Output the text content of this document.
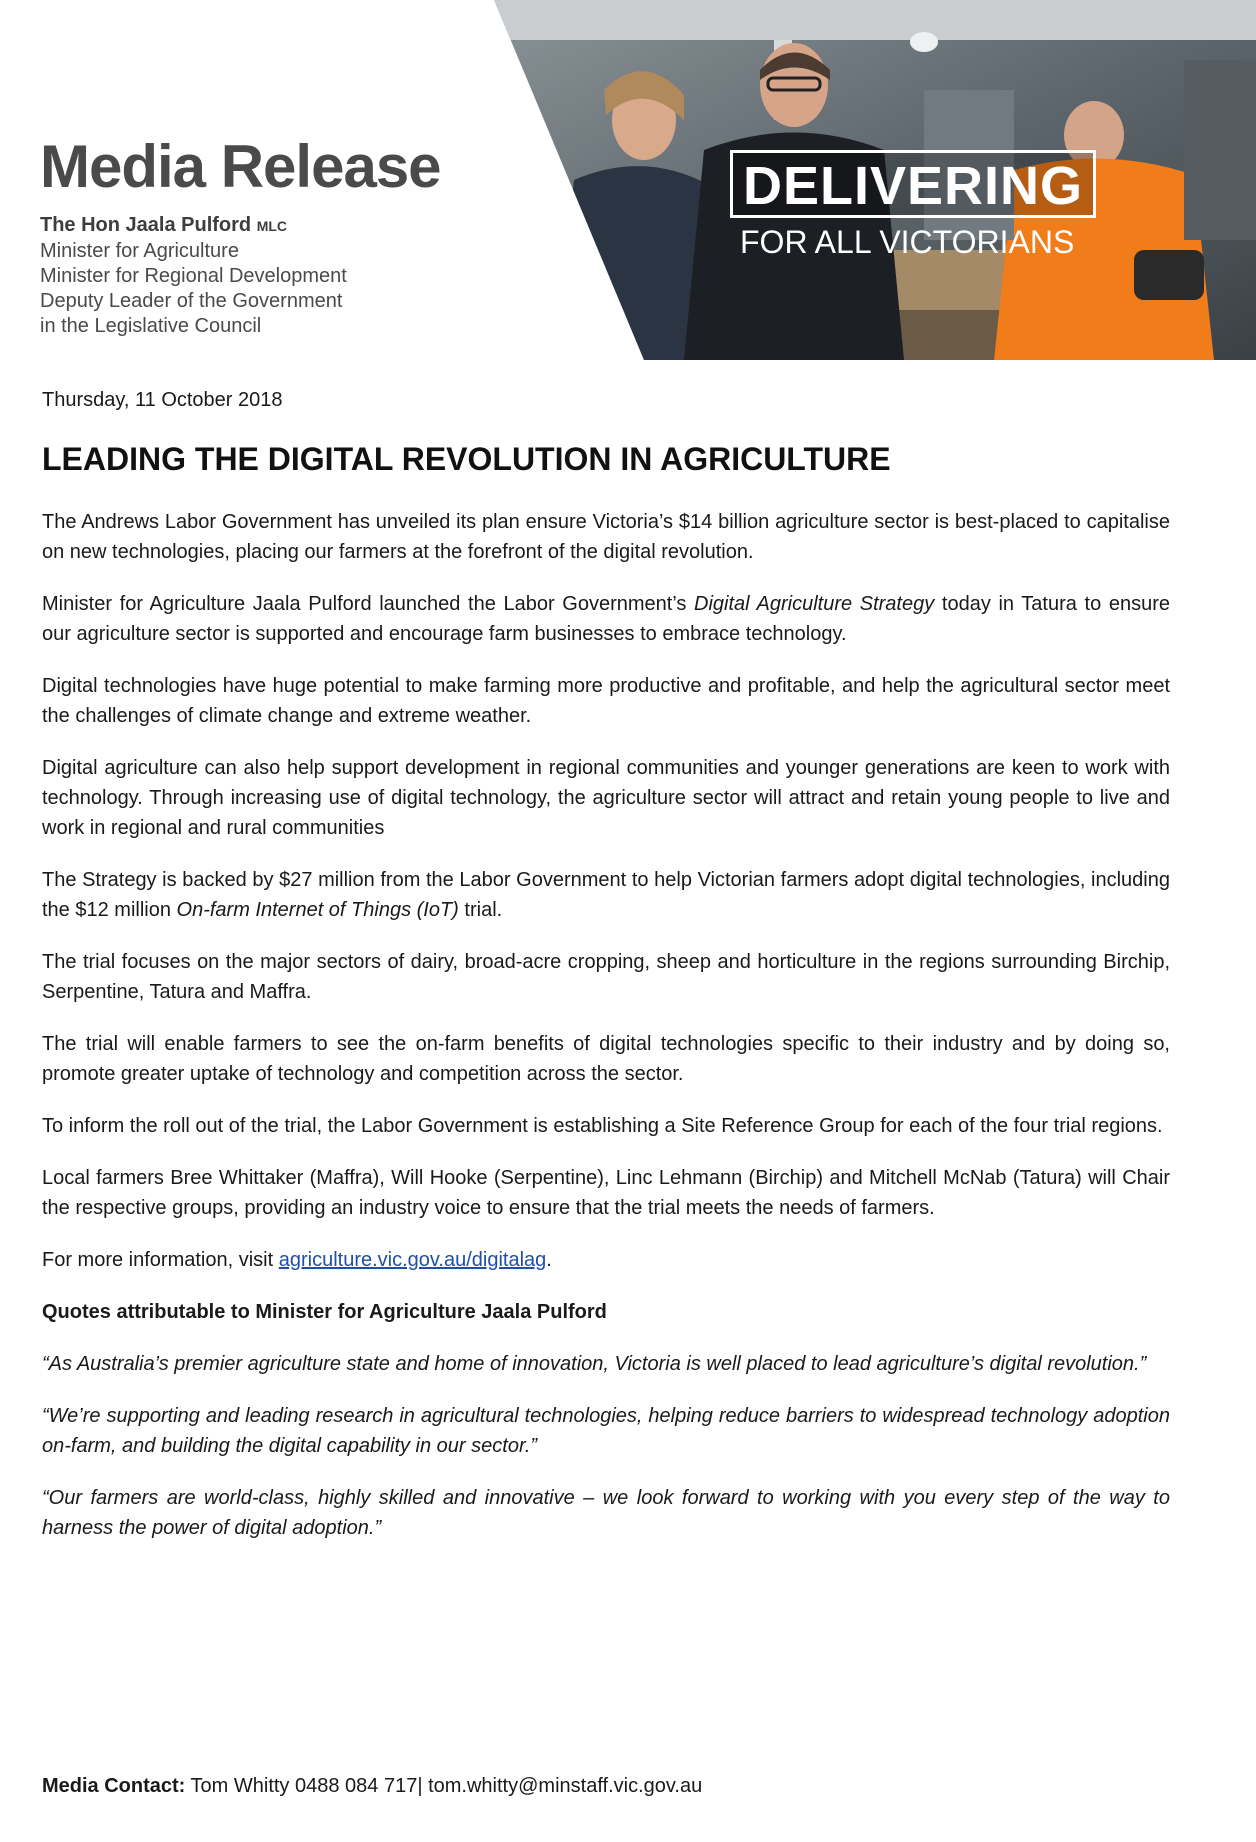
Media Release
The Hon Jaala Pulford MLC
Minister for Agriculture
Minister for Regional Development
Deputy Leader of the Government
in the Legislative Council
DELIVERING
FOR ALL VICTORIANS

Thursday, 11 October 2018

LEADING THE DIGITAL REVOLUTION IN AGRICULTURE

The Andrews Labor Government has unveiled its plan ensure Victoria’s $14 billion agriculture sector is best-placed to capitalise on new technologies, placing our farmers at the forefront of the digital revolution.

Minister for Agriculture Jaala Pulford launched the Labor Government’s Digital Agriculture Strategy today in Tatura to ensure our agriculture sector is supported and encourage farm businesses to embrace technology.

Digital technologies have huge potential to make farming more productive and profitable, and help the agricultural sector meet the challenges of climate change and extreme weather.

Digital agriculture can also help support development in regional communities and younger generations are keen to work with technology. Through increasing use of digital technology, the agriculture sector will attract and retain young people to live and work in regional and rural communities

The Strategy is backed by $27 million from the Labor Government to help Victorian farmers adopt digital technologies, including the $12 million On-farm Internet of Things (IoT) trial.

The trial focuses on the major sectors of dairy, broad-acre cropping, sheep and horticulture in the regions surrounding Birchip, Serpentine, Tatura and Maffra.

The trial will enable farmers to see the on-farm benefits of digital technologies specific to their industry and by doing so, promote greater uptake of technology and competition across the sector.

To inform the roll out of the trial, the Labor Government is establishing a Site Reference Group for each of the four trial regions.

Local farmers Bree Whittaker (Maffra), Will Hooke (Serpentine), Linc Lehmann (Birchip) and Mitchell McNab (Tatura) will Chair the respective groups, providing an industry voice to ensure that the trial meets the needs of farmers.

For more information, visit agriculture.vic.gov.au/digitalag.

Quotes attributable to Minister for Agriculture Jaala Pulford

“As Australia’s premier agriculture state and home of innovation, Victoria is well placed to lead agriculture’s digital revolution.”

“We’re supporting and leading research in agricultural technologies, helping reduce barriers to widespread technology adoption on-farm, and building the digital capability in our sector.”

“Our farmers are world-class, highly skilled and innovative – we look forward to working with you every step of the way to harness the power of digital adoption.”

Media Contact: Tom Whitty 0488 084 717| tom.whitty@minstaff.vic.gov.au
